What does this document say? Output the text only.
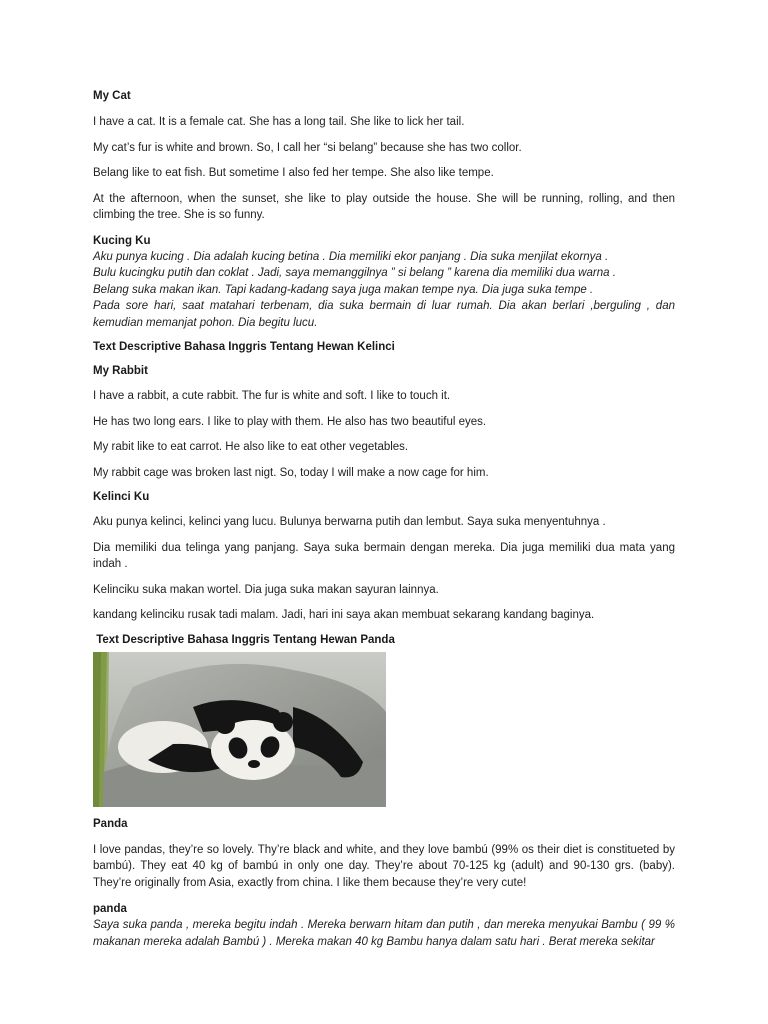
My Cat

I have a cat. It is a female cat. She has a long tail. She like to lick her tail.

My cat’s fur is white and brown. So, I call her “si belang” because she has two collor.

Belang like to eat fish. But sometime I also fed her tempe. She also like tempe.

At the afternoon, when the sunset, she like to play outside the house. She will be running, rolling, and then climbing the tree. She is so funny.

Kucing Ku

Aku punya kucing . Dia adalah kucing betina . Dia memiliki ekor panjang . Dia suka menjilat ekornya .

Bulu kucingku putih dan coklat . Jadi, saya memanggilnya ” si belang ” karena dia memiliki dua warna .

Belang suka makan ikan. Tapi kadang-kadang saya juga makan tempe nya. Dia juga suka tempe .

Pada sore hari, saat matahari terbenam, dia suka bermain di luar rumah. Dia akan berlari ,berguling , dan kemudian memanjat pohon. Dia begitu lucu.

Text Descriptive Bahasa Inggris Tentang Hewan Kelinci

My Rabbit

I have a rabbit, a cute rabbit. The fur is white and soft. I like to touch it.

He has two long ears. I like to play with them. He also has two beautiful eyes.

My rabit like to eat carrot. He also like to eat other vegetables.

My rabbit cage was broken last nigt. So, today I will make a now cage for him.

Kelinci Ku

Aku punya kelinci, kelinci yang lucu. Bulunya berwarna putih dan lembut. Saya suka menyentuhnya .

Dia memiliki dua telinga yang panjang. Saya suka bermain dengan mereka. Dia juga memiliki dua mata yang indah .

Kelinciku suka makan wortel. Dia juga suka makan sayuran lainnya.

kandang kelinciku rusak tadi malam. Jadi, hari ini saya akan membuat sekarang kandang baginya.

Text Descriptive Bahasa Inggris Tentang Hewan Panda

Panda

I love pandas, they’re so lovely. Thy’re black and white, and they love bambú (99% os their diet is constitueted by bambú). They eat 40 kg of bambú in only one day. They’re about 70-125 kg (adult) and 90-130 grs. (baby). They’re originally from Asia, exactly from china. I like them because they’re very cute!

panda

Saya suka panda , mereka begitu indah . Mereka berwarn hitam dan putih , dan mereka menyukai Bambu ( 99 % makanan mereka adalah Bambú ) . Mereka makan 40 kg Bambu hanya dalam satu hari . Berat mereka sekitar
